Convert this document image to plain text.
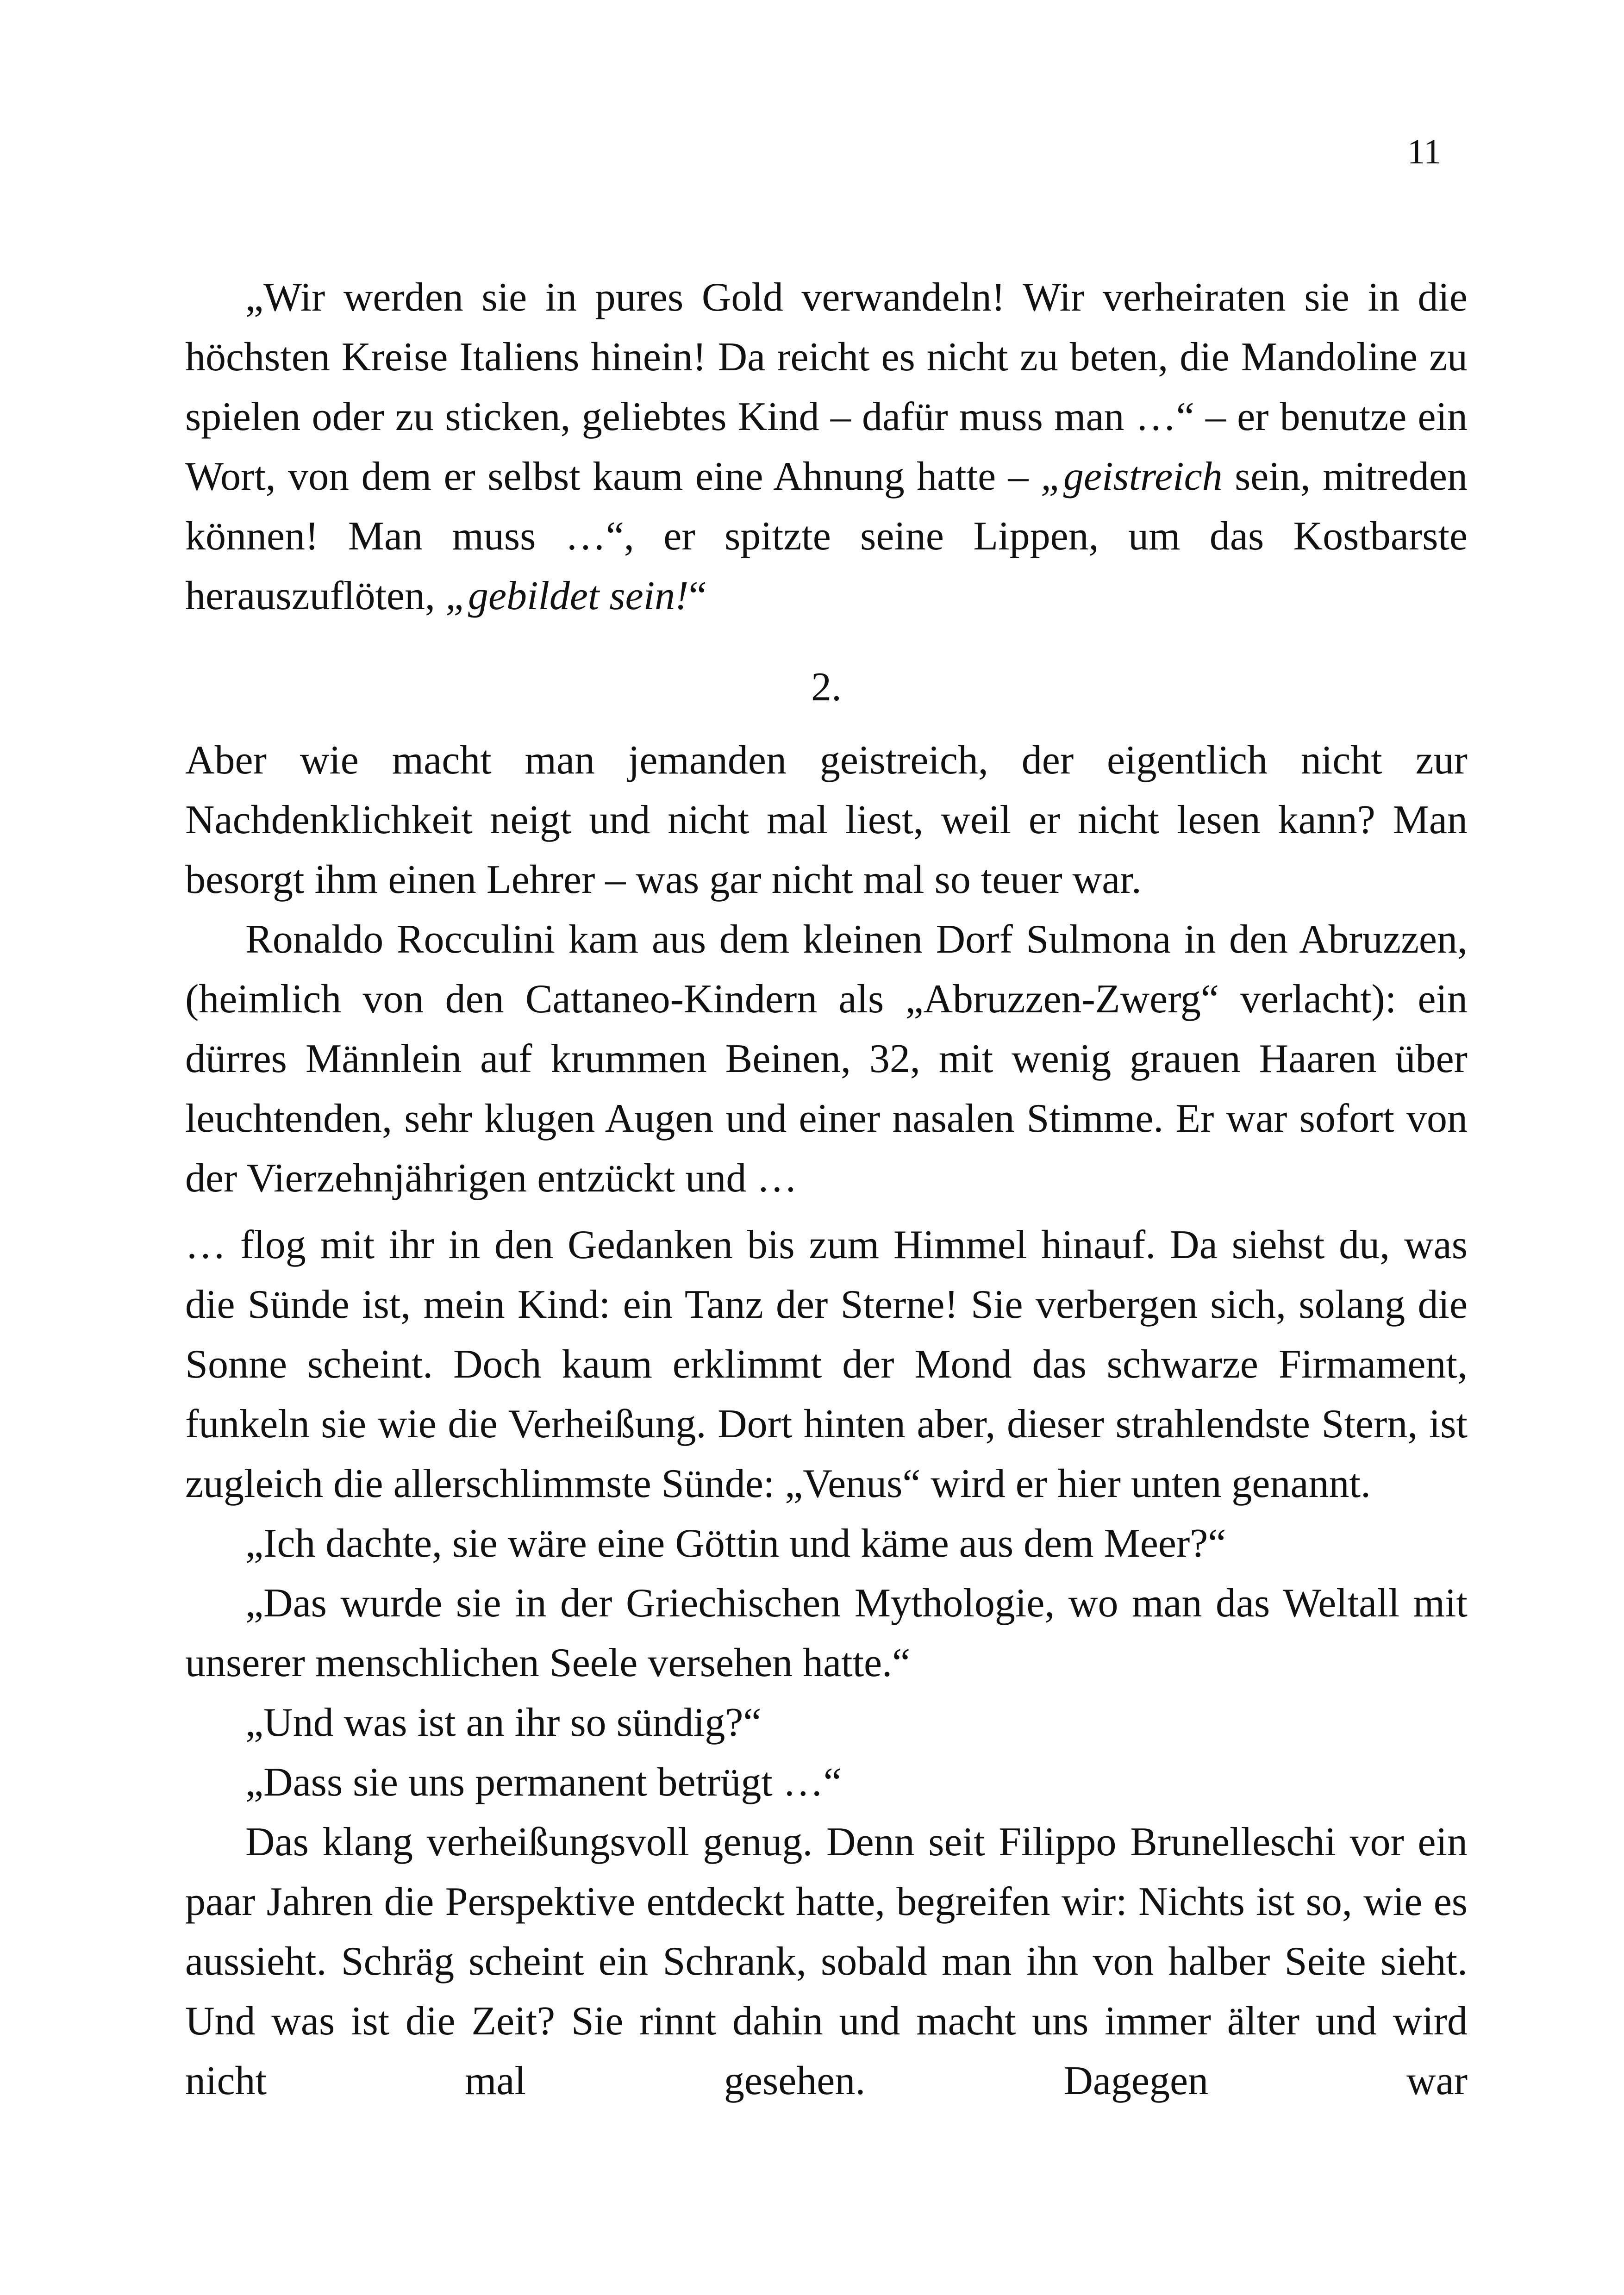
11

„Wir werden sie in pures Gold verwandeln! Wir verheiraten sie in die höchsten Kreise Italiens hinein! Da reicht es nicht zu beten, die Mandoline zu spielen oder zu sticken, geliebtes Kind – dafür muss man …“ – er benutze ein Wort, von dem er selbst kaum eine Ahnung hatte – „geistreich sein, mitreden können! Man muss …“, er spitzte seine Lippen, um das Kostbarste herauszuflöten, „gebildet sein!“

2.

Aber wie macht man jemanden geistreich, der eigentlich nicht zur Nachdenklichkeit neigt und nicht mal liest, weil er nicht lesen kann? Man besorgt ihm einen Lehrer – was gar nicht mal so teuer war.

Ronaldo Rocculini kam aus dem kleinen Dorf Sulmona in den Abruzzen, (heimlich von den Cattaneo-Kindern als „Abruzzen-Zwerg“ verlacht): ein dürres Männlein auf krummen Beinen, 32, mit wenig grauen Haaren über leuchtenden, sehr klugen Augen und einer nasalen Stimme. Er war sofort von der Vierzehnjährigen entzückt und …

… flog mit ihr in den Gedanken bis zum Himmel hinauf. Da siehst du, was die Sünde ist, mein Kind: ein Tanz der Sterne! Sie verbergen sich, solang die Sonne scheint. Doch kaum erklimmt der Mond das schwarze Firmament, funkeln sie wie die Verheißung. Dort hinten aber, dieser strahlendste Stern, ist zugleich die allerschlimmste Sünde: „Venus“ wird er hier unten genannt.

„Ich dachte, sie wäre eine Göttin und käme aus dem Meer?“

„Das wurde sie in der Griechischen Mythologie, wo man das Weltall mit unserer menschlichen Seele versehen hatte.“

„Und was ist an ihr so sündig?“

„Dass sie uns permanent betrügt …“

Das klang verheißungsvoll genug. Denn seit Filippo Brunelleschi vor ein paar Jahren die Perspektive entdeckt hatte, begreifen wir: Nichts ist so, wie es aussieht. Schräg scheint ein Schrank, sobald man ihn von halber Seite sieht. Und was ist die Zeit? Sie rinnt dahin und macht uns immer älter und wird nicht mal gesehen. Dagegen war
